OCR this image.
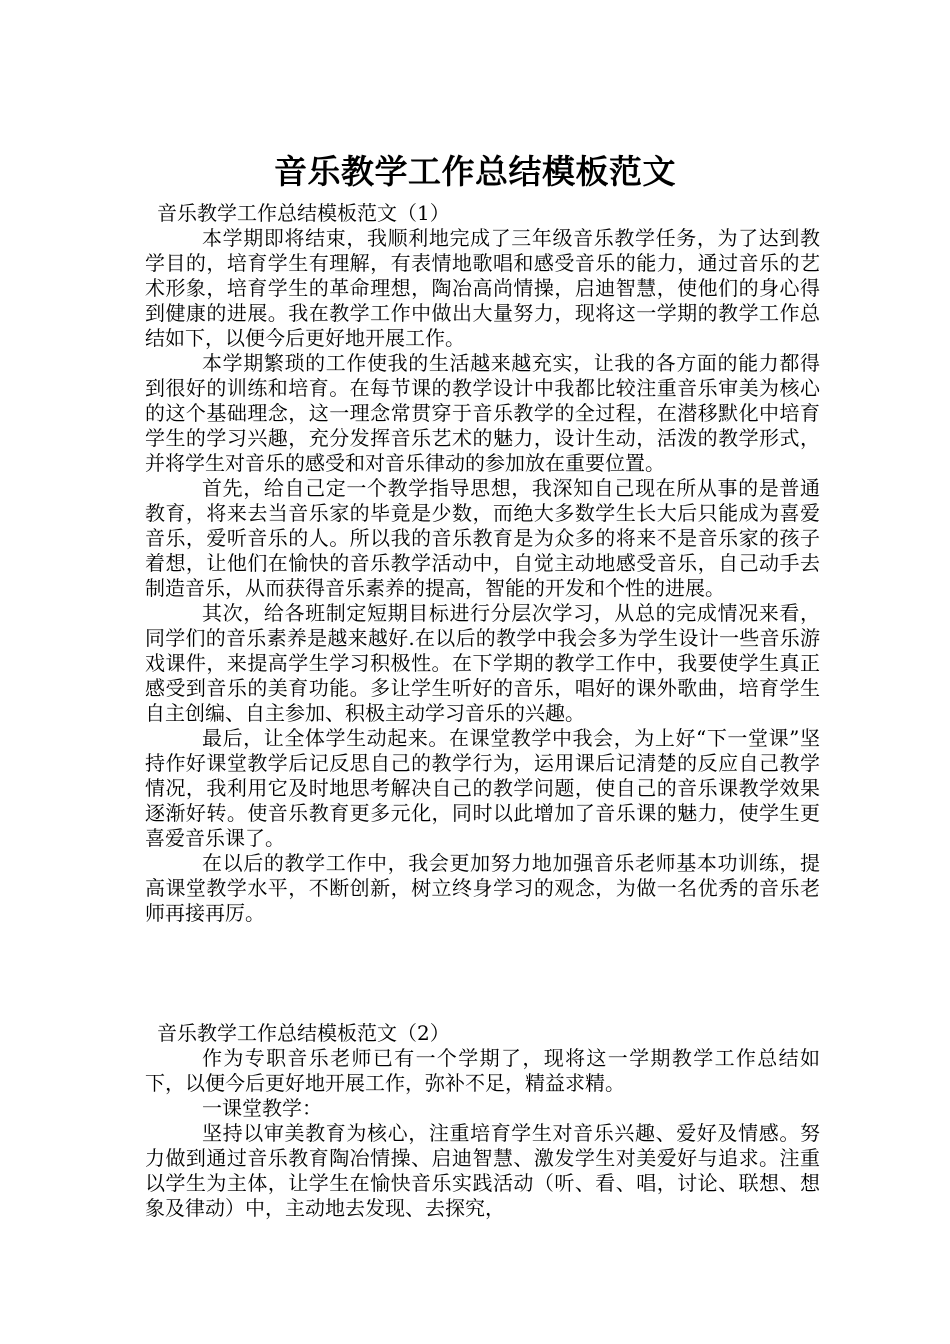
音乐教学工作总结模板范文
音乐教学工作总结模板范文（1）

本学期即将结束，我顺利地完成了三年级音乐教学任务，为了达到教学目的，培育学生有理解，有表情地歌唱和感受音乐的能力，通过音乐的艺术形象，培育学生的革命理想，陶冶高尚情操，启迪智慧，使他们的身心得到健康的进展。我在教学工作中做出大量努力，现将这一学期的教学工作总结如下，以便今后更好地开展工作。

本学期繁琐的工作使我的生活越来越充实，让我的各方面的能力都得到很好的训练和培育。在每节课的教学设计中我都比较注重音乐审美为核心的这个基础理念，这一理念常贯穿于音乐教学的全过程，在潜移默化中培育学生的学习兴趣，充分发挥音乐艺术的魅力，设计生动，活泼的教学形式，并将学生对音乐的感受和对音乐律动的参加放在重要位置。

首先，给自己定一个教学指导思想，我深知自己现在所从事的是普通教育，将来去当音乐家的毕竟是少数，而绝大多数学生长大后只能成为喜爱音乐，爱听音乐的人。所以我的音乐教育是为众多的将来不是音乐家的孩子着想，让他们在愉快的音乐教学活动中，自觉主动地感受音乐，自己动手去制造音乐，从而获得音乐素养的提高，智能的开发和个性的进展。

其次，给各班制定短期目标进行分层次学习，从总的完成情况来看，同学们的音乐素养是越来越好.在以后的教学中我会多为学生设计一些音乐游戏课件，来提高学生学习积极性。在下学期的教学工作中，我要使学生真正感受到音乐的美育功能。多让学生听好的音乐，唱好的课外歌曲，培育学生自主创编、自主参加、积极主动学习音乐的兴趣。

最后，让全体学生动起来。在课堂教学中我会，为上好“下一堂课”坚持作好课堂教学后记反思自己的教学行为，运用课后记清楚的反应自己教学情况，我利用它及时地思考解决自己的教学问题，使自己的音乐课教学效果逐渐好转。使音乐教育更多元化，同时以此增加了音乐课的魅力，使学生更喜爱音乐课了。

在以后的教学工作中，我会更加努力地加强音乐老师基本功训练，提高课堂教学水平，不断创新，树立终身学习的观念，为做一名优秀的音乐老师再接再厉。

音乐教学工作总结模板范文（2）

作为专职音乐老师已有一个学期了，现将这一学期教学工作总结如下，以便今后更好地开展工作，弥补不足，精益求精。

一课堂教学：

坚持以审美教育为核心，注重培育学生对音乐兴趣、爱好及情感。努力做到通过音乐教育陶冶情操、启迪智慧、激发学生对美爱好与追求。注重以学生为主体，让学生在愉快音乐实践活动（听、看、唱，讨论、联想、想象及律动）中，主动地去发现、去探究，
